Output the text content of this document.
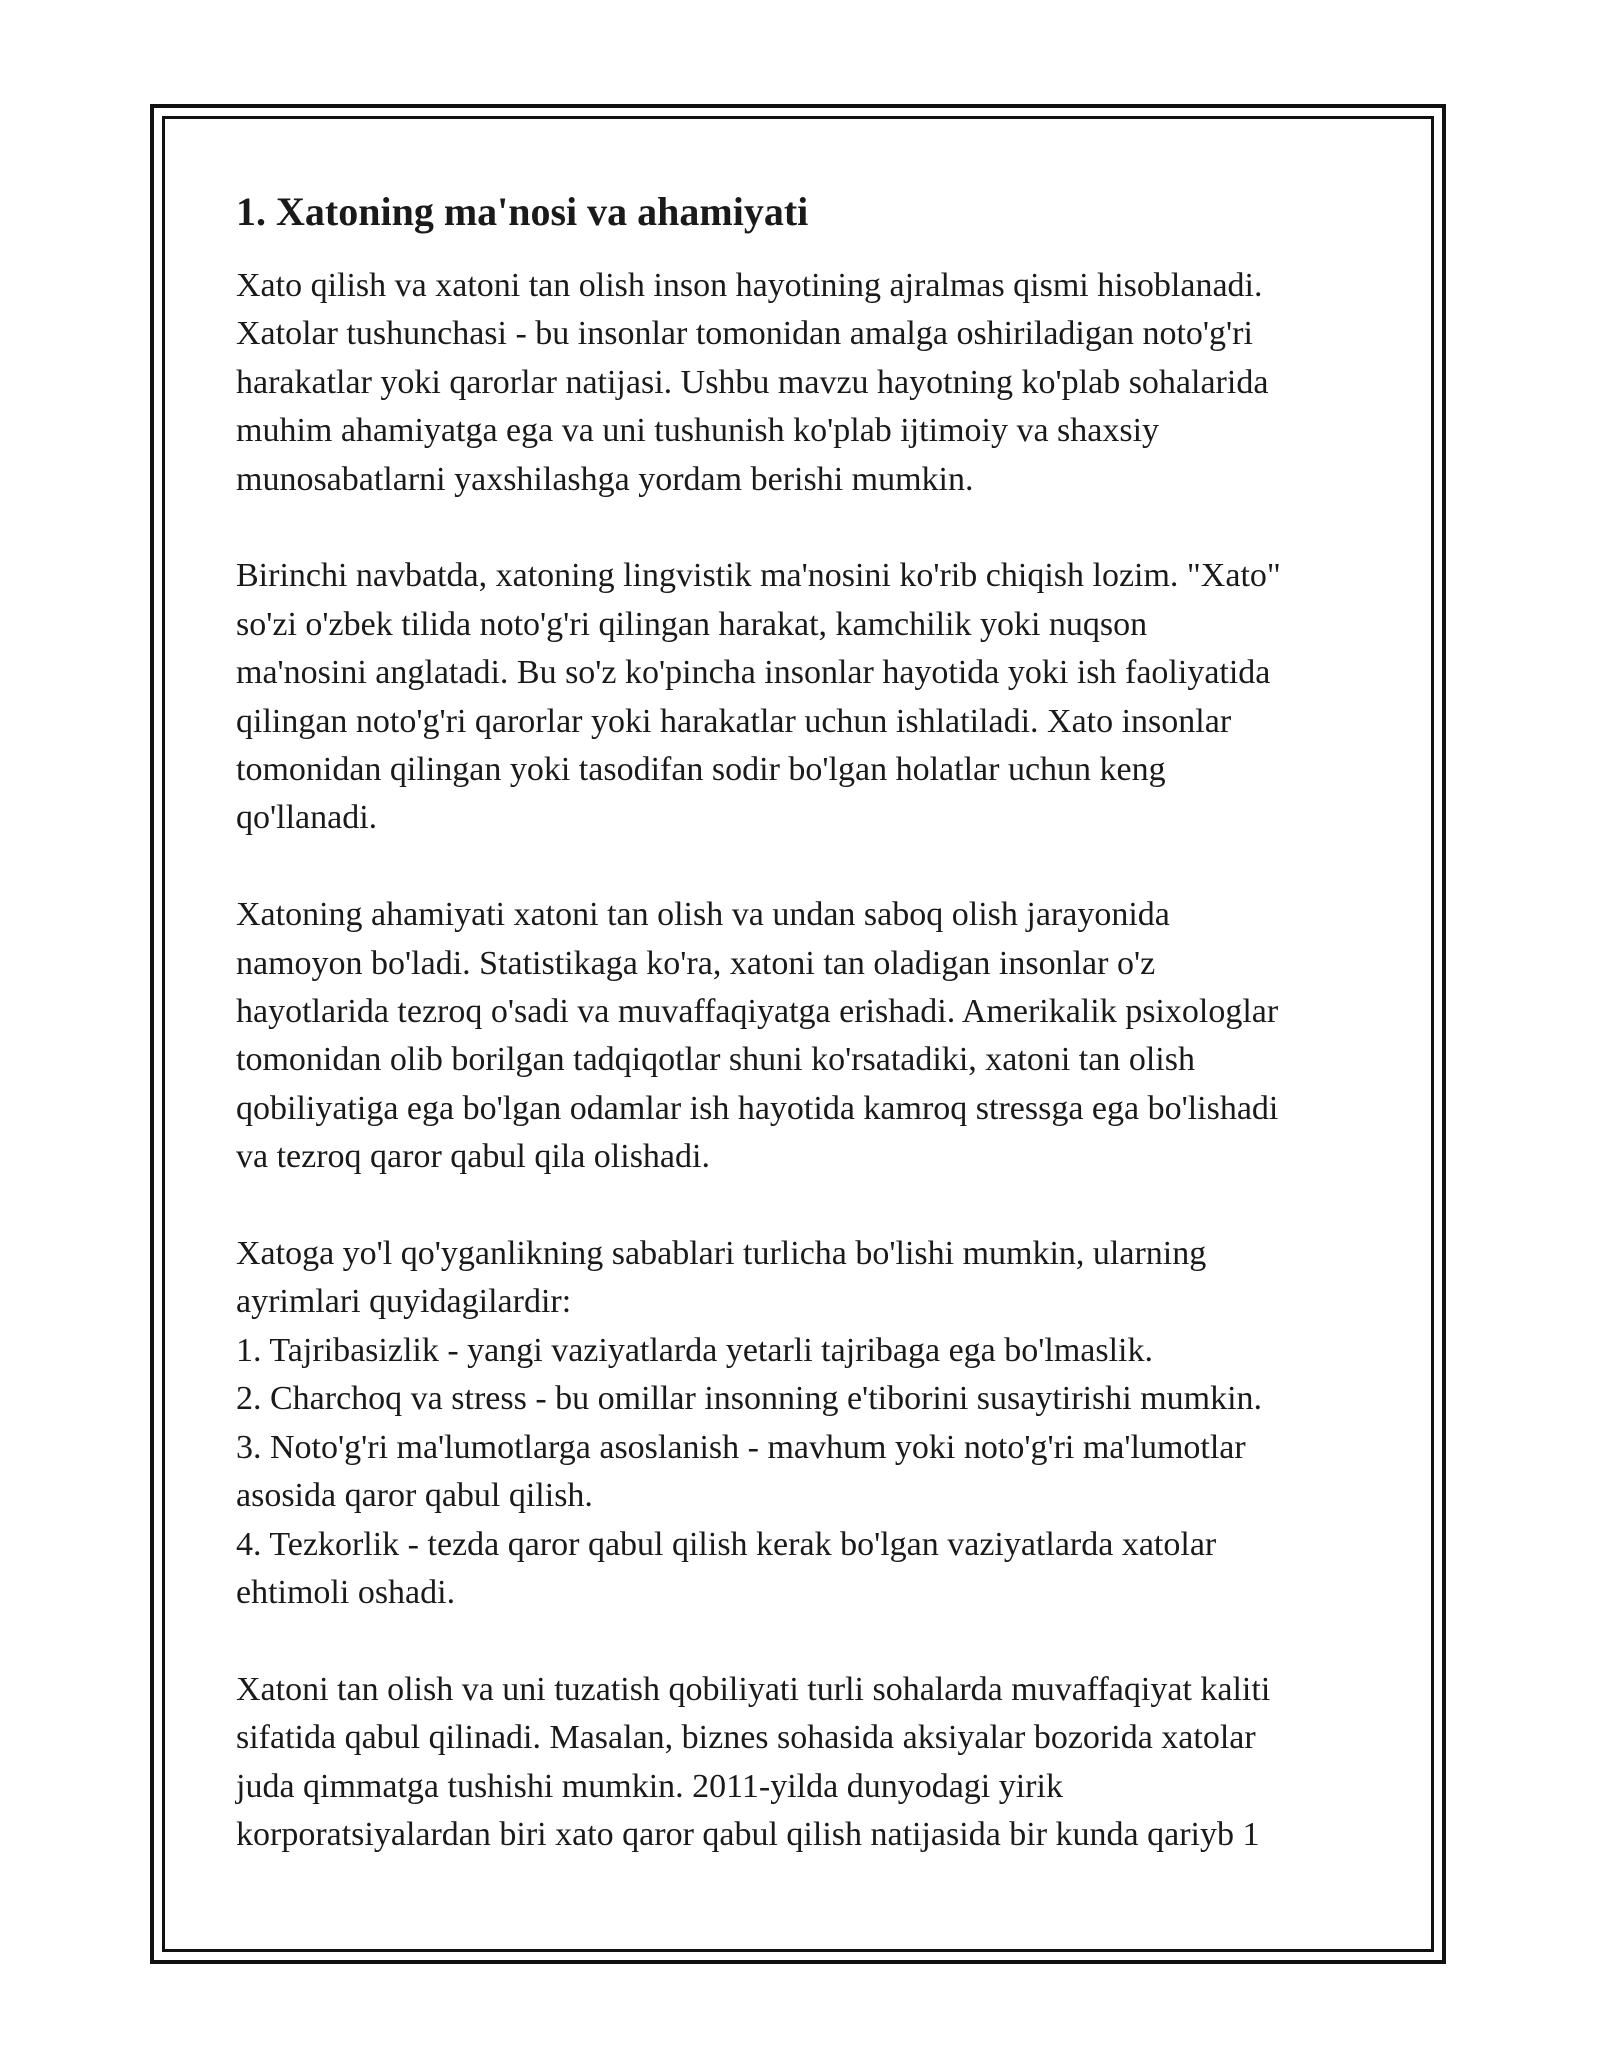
1. Xatoning ma'nosi va ahamiyati
Xato qilish va xatoni tan olish inson hayotining ajralmas qismi hisoblanadi.
Xatolar tushunchasi - bu insonlar tomonidan amalga oshiriladigan noto'g'ri
harakatlar yoki qarorlar natijasi. Ushbu mavzu hayotning ko'plab sohalarida
muhim ahamiyatga ega va uni tushunish ko'plab ijtimoiy va shaxsiy
munosabatlarni yaxshilashga yordam berishi mumkin.
Birinchi navbatda, xatoning lingvistik ma'nosini ko'rib chiqish lozim. "Xato"
so'zi o'zbek tilida noto'g'ri qilingan harakat, kamchilik yoki nuqson
ma'nosini anglatadi. Bu so'z ko'pincha insonlar hayotida yoki ish faoliyatida
qilingan noto'g'ri qarorlar yoki harakatlar uchun ishlatiladi. Xato insonlar
tomonidan qilingan yoki tasodifan sodir bo'lgan holatlar uchun keng
qo'llanadi.
Xatoning ahamiyati xatoni tan olish va undan saboq olish jarayonida
namoyon bo'ladi. Statistikaga ko'ra, xatoni tan oladigan insonlar o'z
hayotlarida tezroq o'sadi va muvaffaqiyatga erishadi. Amerikalik psixologlar
tomonidan olib borilgan tadqiqotlar shuni ko'rsatadiki, xatoni tan olish
qobiliyatiga ega bo'lgan odamlar ish hayotida kamroq stressga ega bo'lishadi
va tezroq qaror qabul qila olishadi.
Xatoga yo'l qo'yganlikning sabablari turlicha bo'lishi mumkin, ularning
ayrimlari quyidagilardir:
1. Tajribasizlik - yangi vaziyatlarda yetarli tajribaga ega bo'lmaslik.
2. Charchoq va stress - bu omillar insonning e'tiborini susaytirishi mumkin.
3. Noto'g'ri ma'lumotlarga asoslanish - mavhum yoki noto'g'ri ma'lumotlar
asosida qaror qabul qilish.
4. Tezkorlik - tezda qaror qabul qilish kerak bo'lgan vaziyatlarda xatolar
ehtimoli oshadi.
Xatoni tan olish va uni tuzatish qobiliyati turli sohalarda muvaffaqiyat kaliti
sifatida qabul qilinadi. Masalan, biznes sohasida aksiyalar bozorida xatolar
juda qimmatga tushishi mumkin. 2011-yilda dunyodagi yirik
korporatsiyalardan biri xato qaror qabul qilish natijasida bir kunda qariyb 1
